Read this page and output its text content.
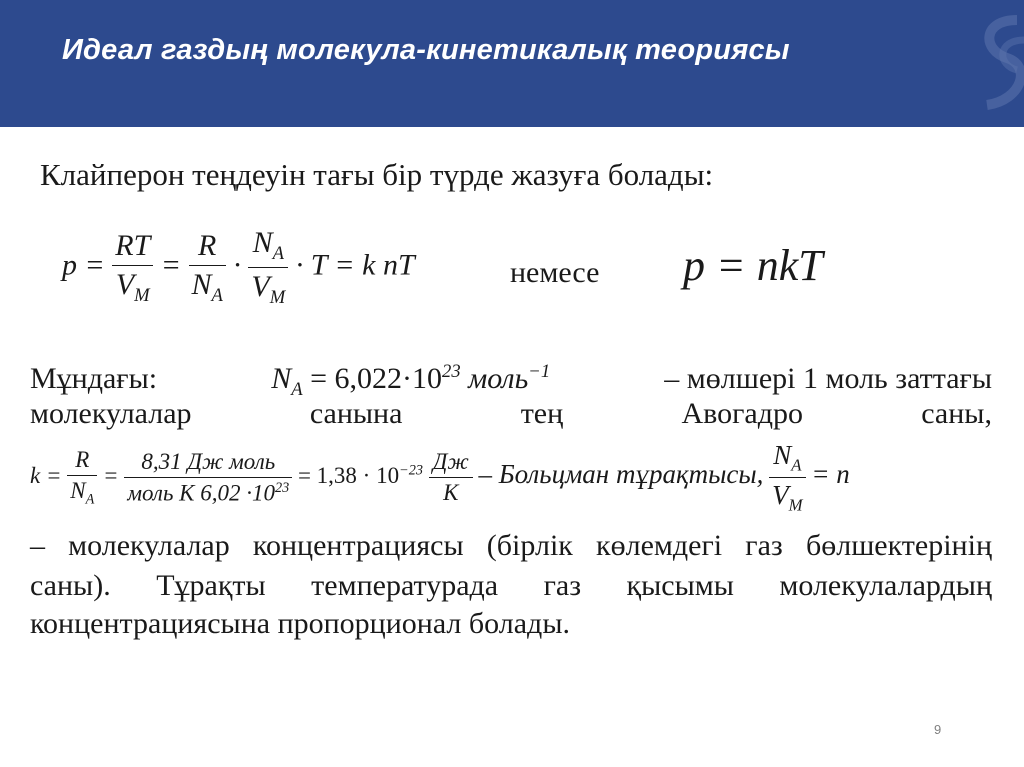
Идеал газдың молекула-кинетикалық теориясы
Клайперон теңдеуін тағы бір түрде жазуға болады:
$p = \frac{RT}{V_M} = \frac{R}{N_A} \cdot \frac{N_A}{V_M} \cdot T = k$ nT	немесе p = nkT
Мұндағы:	$N_A = 6,022\cdot 10^{23}$ моль$^{-1}$	– мөлшері 1 моль заттағы
молекулалар	санына	тең	Авогадро	саны,
$k = \frac{R}{N_A} = \frac{\text{8,31 Дж моль}}{моль К 6,02 \cdot 10^{23}} = 1,38 \cdot 10^{-23} \frac{Дж}{К}$ – Больцман тұрақтысы, $\frac{N_A}{V_M} = n$
– молекулалар концентрациясы (бірлік көлемдегі газ бөлшектерінің
саны). Тұрақты температурада газ қысымы молекулалардың
концентрациясына пропорционал болады.
9
